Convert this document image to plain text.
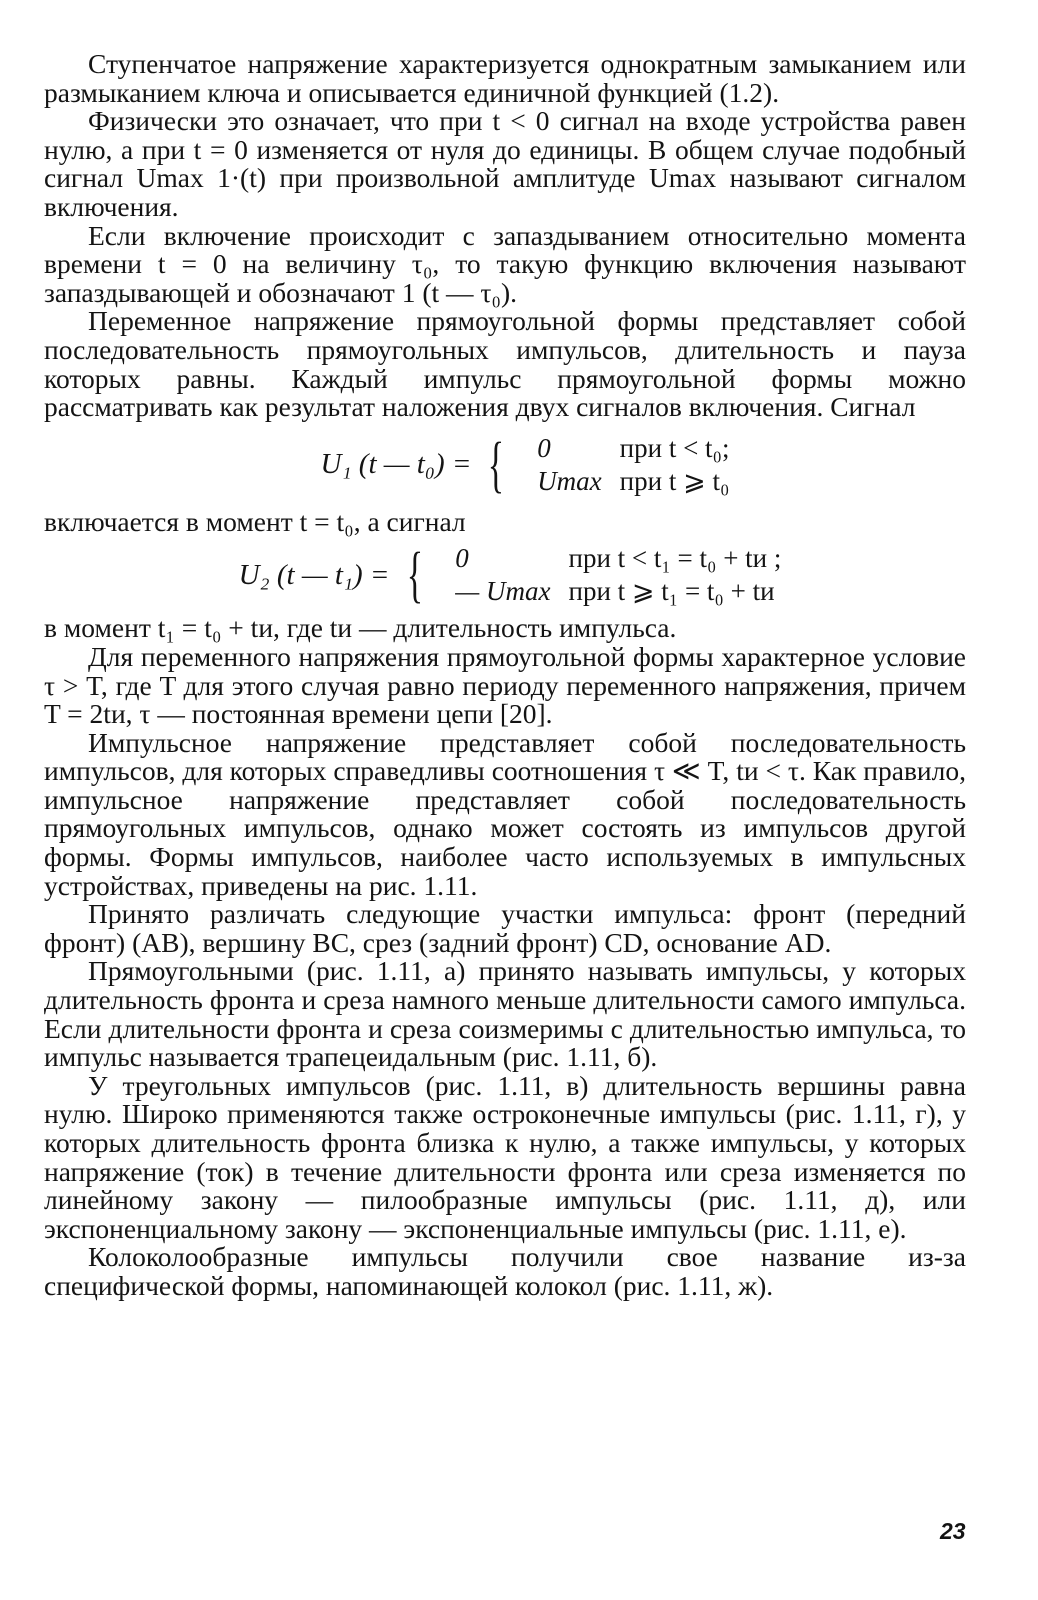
Ступенчатое напряжение характеризуется однократным замыканием или размыканием ключа и описывается единичной функцией (1.2).

Физически это означает, что при t < 0 сигнал на входе устройства равен нулю, а при t = 0 изменяется от нуля до единицы. В общем случае подобный сигнал Umax 1·(t) при произвольной амплитуде Umax называют сигналом включения.

Если включение происходит с запаздыванием относительно момента времени t = 0 на величину τ₀, то такую функцию включения называют запаздывающей и обозначают 1 (t — τ₀).

Переменное напряжение прямоугольной формы представляет собой последовательность прямоугольных импульсов, длительность и пауза которых равны. Каждый импульс прямоугольной формы можно рассматривать как результат наложения двух сигналов включения. Сигнал

U₁ (t — t₀) = {	0	при t < t₀;
Umax при t ⩾ t₀

включается в момент t = t₀, а сигнал

U₂ (t — t₁) = {	0	при t < t₁ = t₀ + tи ;
— Umax при t ⩾ t₁ = t₀ + tи

в момент t₁ = t₀ + tи, где tи — длительность импульса.

Для переменного напряжения прямоугольной формы характерное условие τ > T, где T для этого случая равно периоду переменного напряжения, причем T = 2tи, τ — постоянная времени цепи [20].

Импульсное напряжение представляет собой последовательность импульсов, для которых справедливы соотношения τ ≪ T, tи < τ. Как правило, импульсное напряжение представляет собой последовательность прямоугольных импульсов, однако может состоять из импульсов другой формы. Формы импульсов, наиболее часто используемых в импульсных устройствах, приведены на рис. 1.11.

Принято различать следующие участки импульса: фронт (передний фронт) (AB), вершину BC, срез (задний фронт) CD, основание AD.

Прямоугольными (рис. 1.11, а) принято называть импульсы, у которых длительность фронта и среза намного меньше длительности самого импульса. Если длительности фронта и среза соизмеримы с длительностью импульса, то импульс называется трапецеидальным (рис. 1.11, б).

У треугольных импульсов (рис. 1.11, в) длительность вершины равна нулю. Широко применяются также остроконечные импульсы (рис. 1.11, г), у которых длительность фронта близка к нулю, а также импульсы, у которых напряжение (ток) в течение длительности фронта или среза изменяется по линейному закону — пилообразные импульсы (рис. 1.11, д), или экспоненциальному закону — экспоненциальные импульсы (рис. 1.11, е).

Колоколообразные импульсы получили свое название из-за специфической формы, напоминающей колокол (рис. 1.11, ж).

23
